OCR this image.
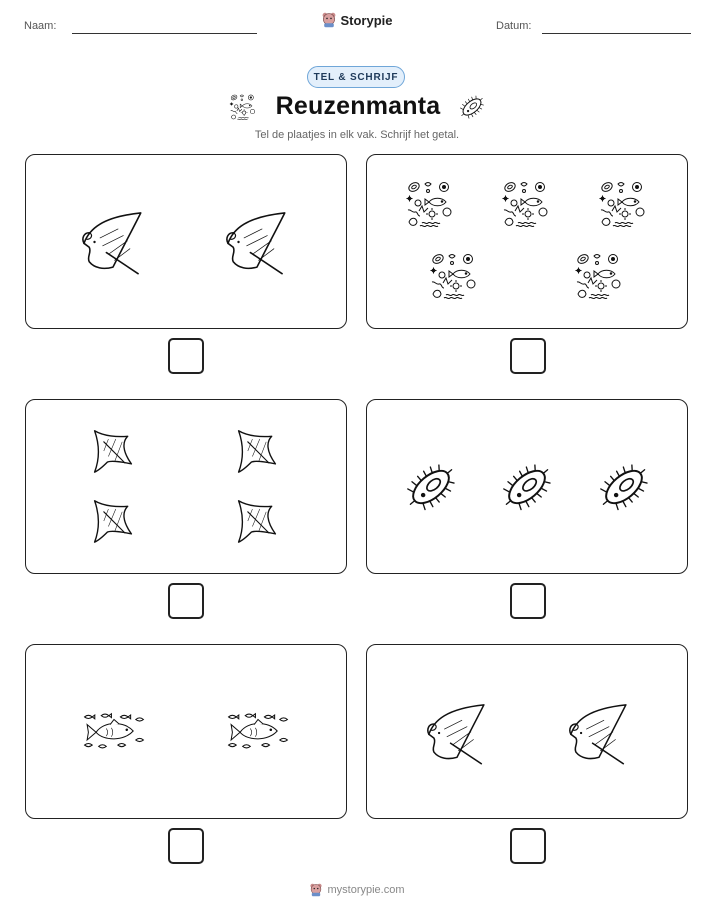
Naam:	Storypie	Datum:
TEL & SCHRIJF
Reuzenmanta
Tel de plaatjes in elk vak. Schrijf het getal.
mystorypie.com
